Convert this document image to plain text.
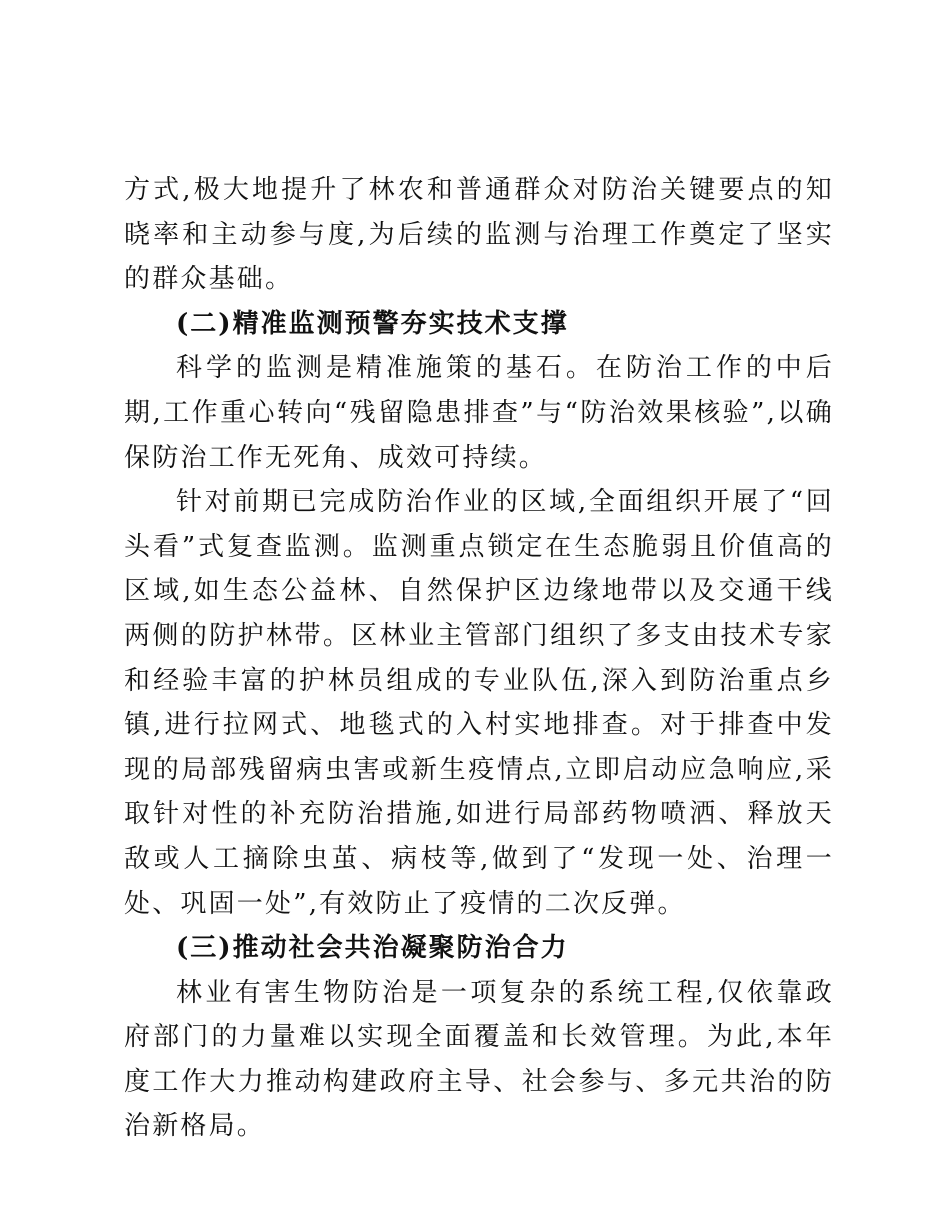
方式,极大地提升了林农和普通群众对防治关键要点的知晓率和主动参与度,为后续的监测与治理工作奠定了坚实的群众基础。

(二)精准监测预警夯实技术支撑

科学的监测是精准施策的基石。在防治工作的中后期,工作重心转向“残留隐患排查”与“防治效果核验”,以确保防治工作无死角、成效可持续。

针对前期已完成防治作业的区域,全面组织开展了“回头看”式复查监测。监测重点锁定在生态脆弱且价值高的区域,如生态公益林、自然保护区边缘地带以及交通干线两侧的防护林带。区林业主管部门组织了多支由技术专家和经验丰富的护林员组成的专业队伍,深入到防治重点乡镇,进行拉网式、地毯式的入村实地排查。对于排查中发现的局部残留病虫害或新生疫情点,立即启动应急响应,采取针对性的补充防治措施,如进行局部药物喷洒、释放天敌或人工摘除虫茧、病枝等,做到了“发现一处、治理一处、巩固一处”,有效防止了疫情的二次反弹。

(三)推动社会共治凝聚防治合力

林业有害生物防治是一项复杂的系统工程,仅依靠政府部门的力量难以实现全面覆盖和长效管理。为此,本年度工作大力推动构建政府主导、社会参与、多元共治的防治新格局。
